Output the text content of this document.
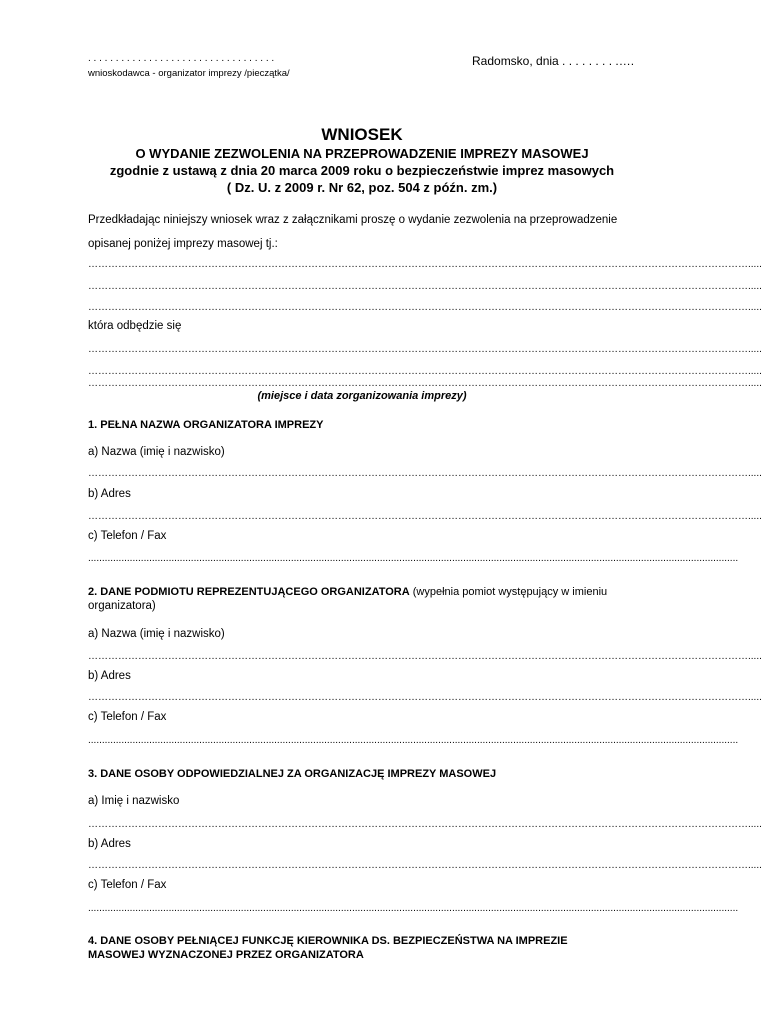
. . . . . . . . . . . . . . . . . . . . . . . . . . . . . . . . . .
wnioskodawca - organizator imprezy /pieczątka/
Radomsko, dnia . . . . . . . . .….
WNIOSEK
O WYDANIE ZEZWOLENIA NA PRZEPROWADZENIE IMPREZY MASOWEJ
zgodnie z ustawą z dnia 20 marca 2009 roku o bezpieczeństwie imprez masowych
( Dz. U. z 2009 r. Nr 62, poz. 504 z późn. zm.)
Przedkładając niniejszy wniosek wraz z załącznikami proszę o wydanie zezwolenia na przeprowadzenie
opisanej poniżej imprezy masowej tj.:
……………………………………………………………………………………………………………………………………………………………………………….....
……………………………………………………………………………………………………………………………………………………………………………….....
……………………………………………………………………………………………………………………………………………………………………………….....
która odbędzie się
……………………………………………………………………………………………………………………………………………………………………………….....
……………………………………………………………………………………………………………………………………………………………………………….....
……………………………………………………………………………………………………………………………………………………………………………….....
(miejsce i data zorganizowania imprezy)
1. PEŁNA NAZWA ORGANIZATORA IMPREZY
a) Nazwa (imię i nazwisko)
……………………………………………………………………………………………………………………………………………………………………………….....
b) Adres
……………………………………………………………………………………………………………………………………………………………………………….....
c) Telefon / Fax
..........................................................................................................................................................................................................................................
2. DANE PODMIOTU REPREZENTUJĄCEGO ORGANIZATORA (wypełnia pomiot występujący w imieniu
organizatora)
a) Nazwa (imię i nazwisko)
……………………………………………………………………………………………………………………………………………………………………………….....
b) Adres
……………………………………………………………………………………………………………………………………………………………………………….....
c) Telefon / Fax
..........................................................................................................................................................................................................................................
3. DANE OSOBY ODPOWIEDZIALNEJ ZA ORGANIZACJĘ IMPREZY MASOWEJ
a) Imię i nazwisko
……………………………………………………………………………………………………………………………………………………………………………….....
b) Adres
……………………………………………………………………………………………………………………………………………………………………………….....
c) Telefon / Fax
..........................................................................................................................................................................................................................................
4. DANE OSOBY PEŁNIĄCEJ FUNKCJĘ KIEROWNIKA DS. BEZPIECZEŃSTWA NA IMPREZIE
MASOWEJ WYZNACZONEJ PRZEZ ORGANIZATORA
